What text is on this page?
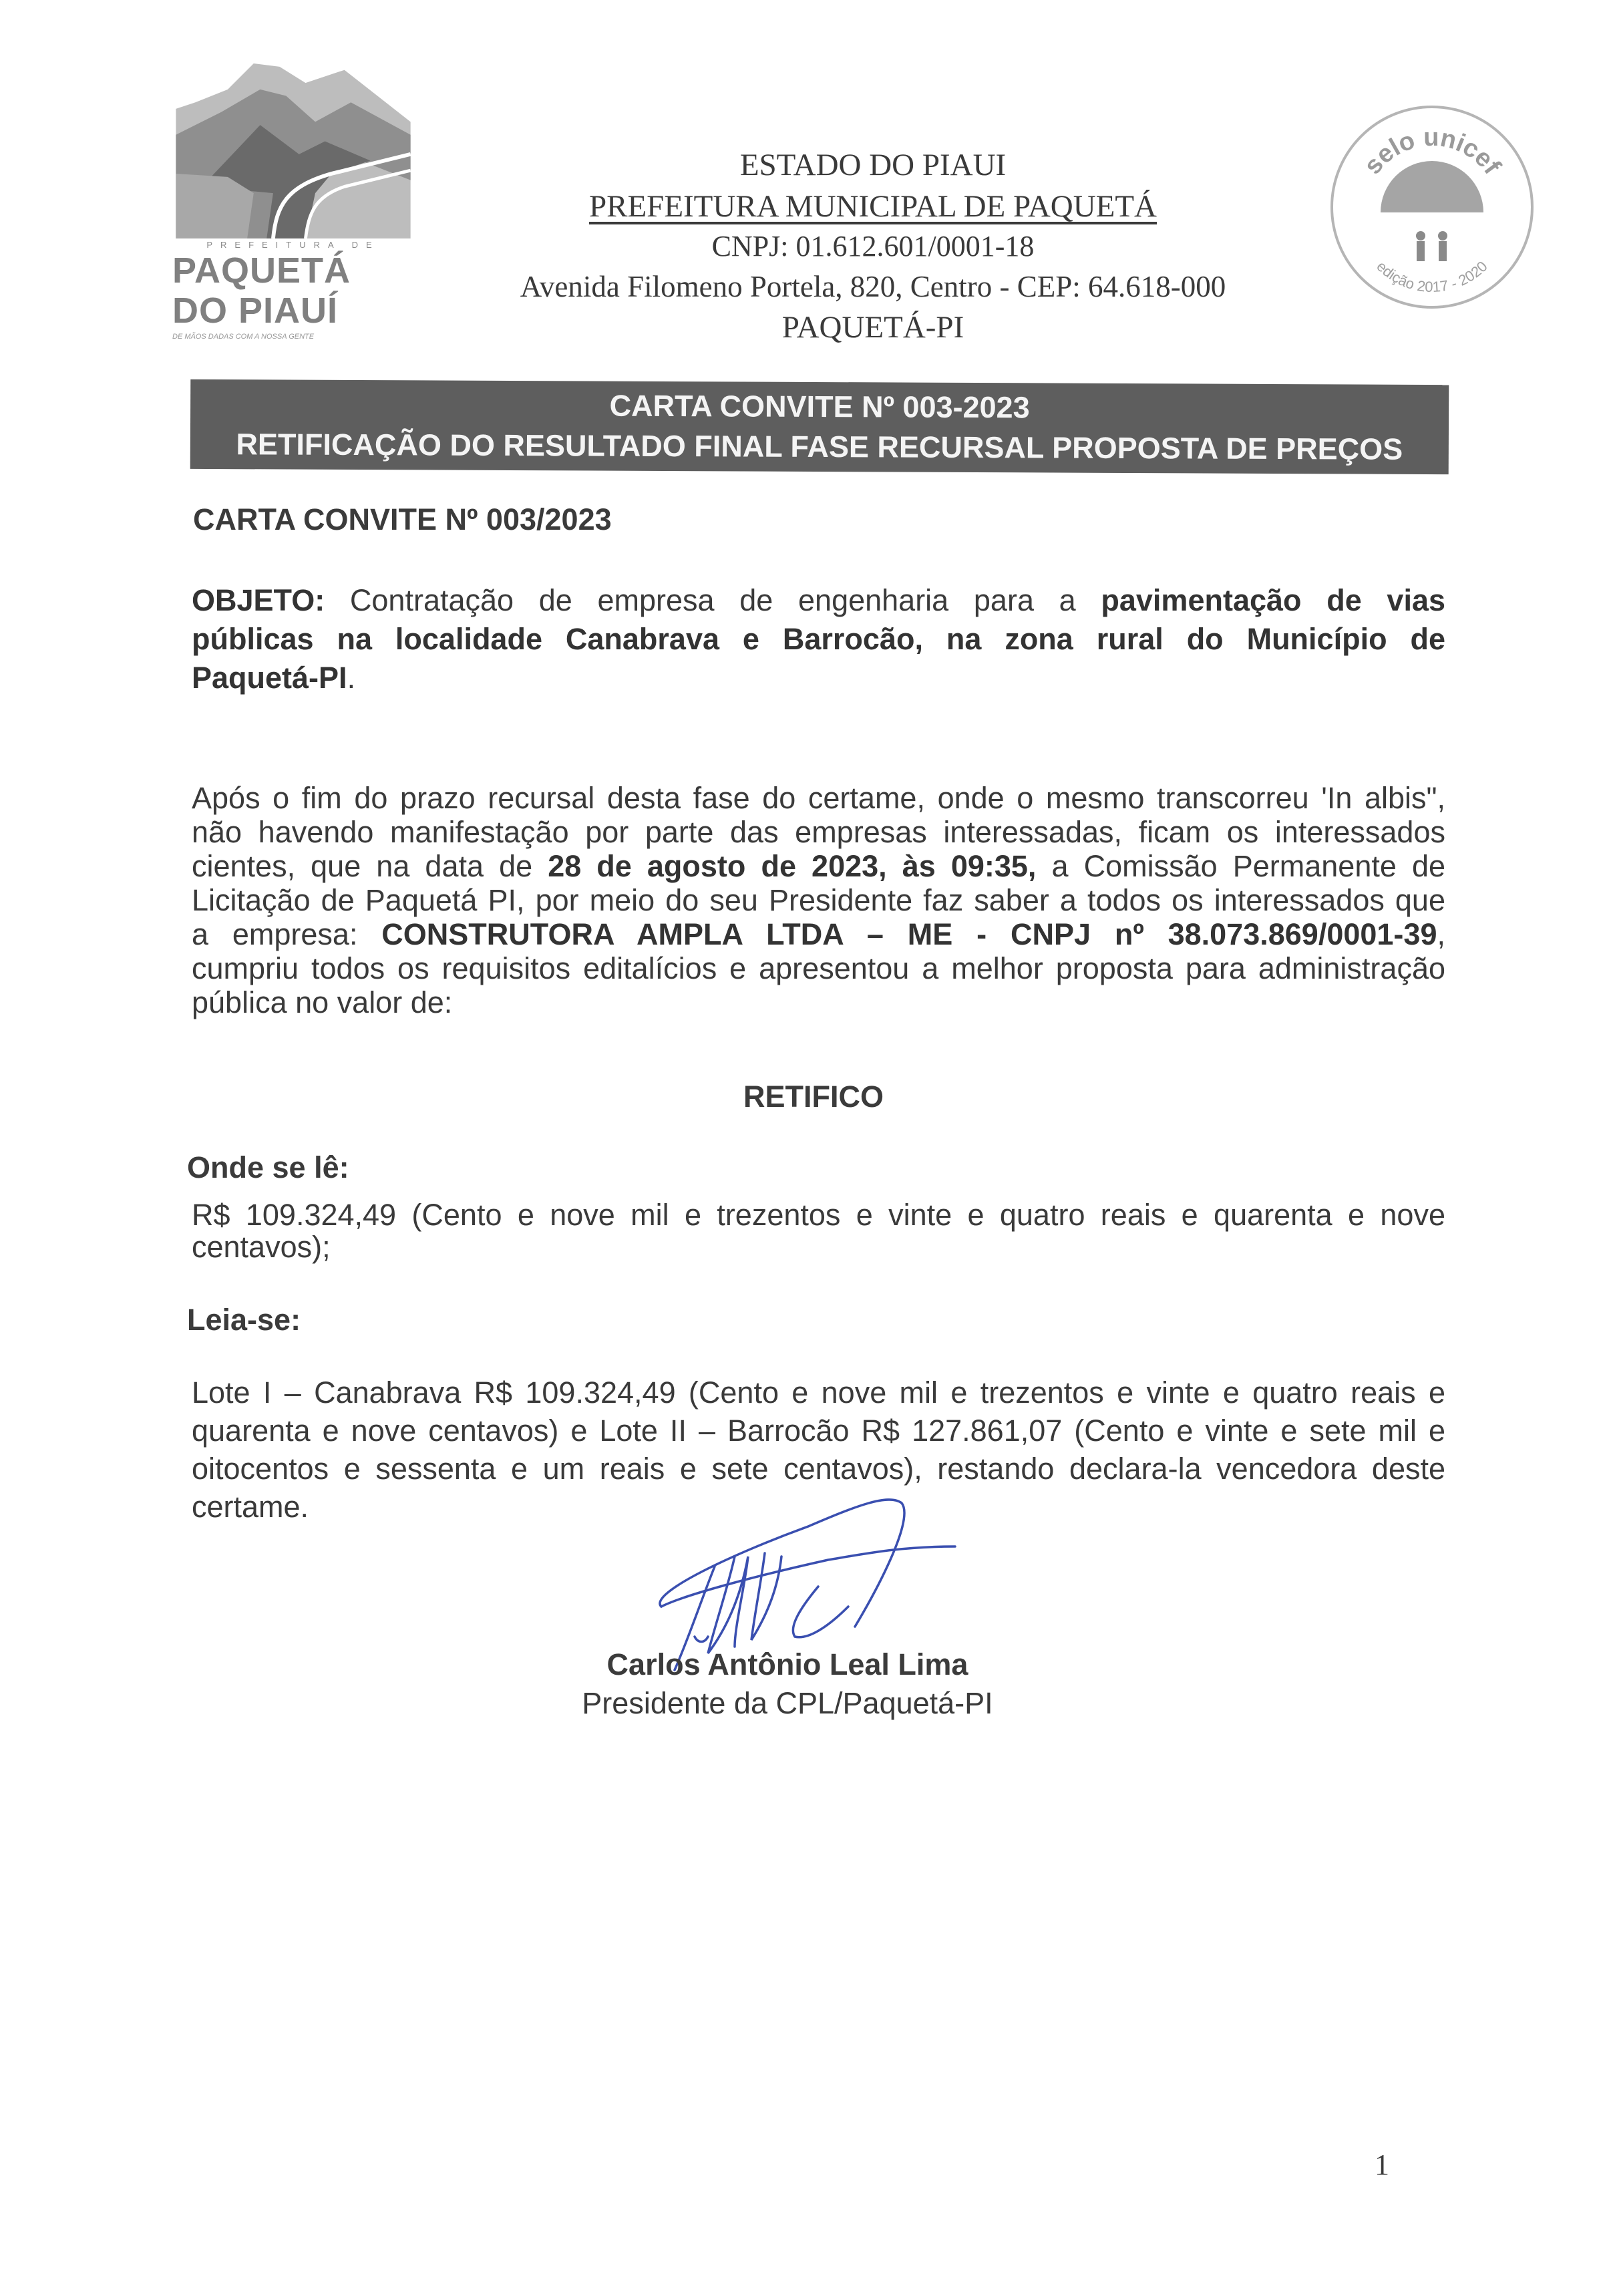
PREFEITURA DE
PAQUETÁ
DO PIAUÍ
DE MÃOS DADAS COM A NOSSA GENTE
selo unicef
edição 2017 - 2020
ESTADO DO PIAUI
PREFEITURA MUNICIPAL DE PAQUETÁ
CNPJ: 01.612.601/0001-18
Avenida Filomeno Portela, 820, Centro - CEP: 64.618-000
PAQUETÁ-PI
CARTA CONVITE Nº 003-2023
RETIFICAÇÃO DO RESULTADO FINAL FASE RECURSAL PROPOSTA DE PREÇOS
CARTA CONVITE Nº 003/2023
OBJETO: Contratação de empresa de engenharia para a pavimentação de vias
públicas na localidade Canabrava e Barrocão, na zona rural do Município de
Paquetá-PI.
Após o fim do prazo recursal desta fase do certame, onde o mesmo transcorreu 'In albis",
não havendo manifestação por parte das empresas interessadas, ficam os interessados
cientes, que na data de 28 de agosto de 2023, às 09:35, a Comissão Permanente de
Licitação de Paquetá PI, por meio do seu Presidente faz saber a todos os interessados que
a empresa: CONSTRUTORA AMPLA LTDA – ME - CNPJ nº 38.073.869/0001-39,
cumpriu todos os requisitos editalícios e apresentou a melhor proposta para administração
pública no valor de:
RETIFICO
Onde se lê:
R$ 109.324,49 (Cento e nove mil e trezentos e vinte e quatro reais e quarenta e nove
centavos);
Leia-se:
Lote I – Canabrava R$ 109.324,49 (Cento e nove mil e trezentos e vinte e quatro reais e
quarenta e nove centavos) e Lote II – Barrocão R$ 127.861,07 (Cento e vinte e sete mil e
oitocentos e sessenta e um reais e sete centavos), restando declara-la vencedora deste
certame.
Carlos Antônio Leal Lima
Presidente da CPL/Paquetá-PI
1
